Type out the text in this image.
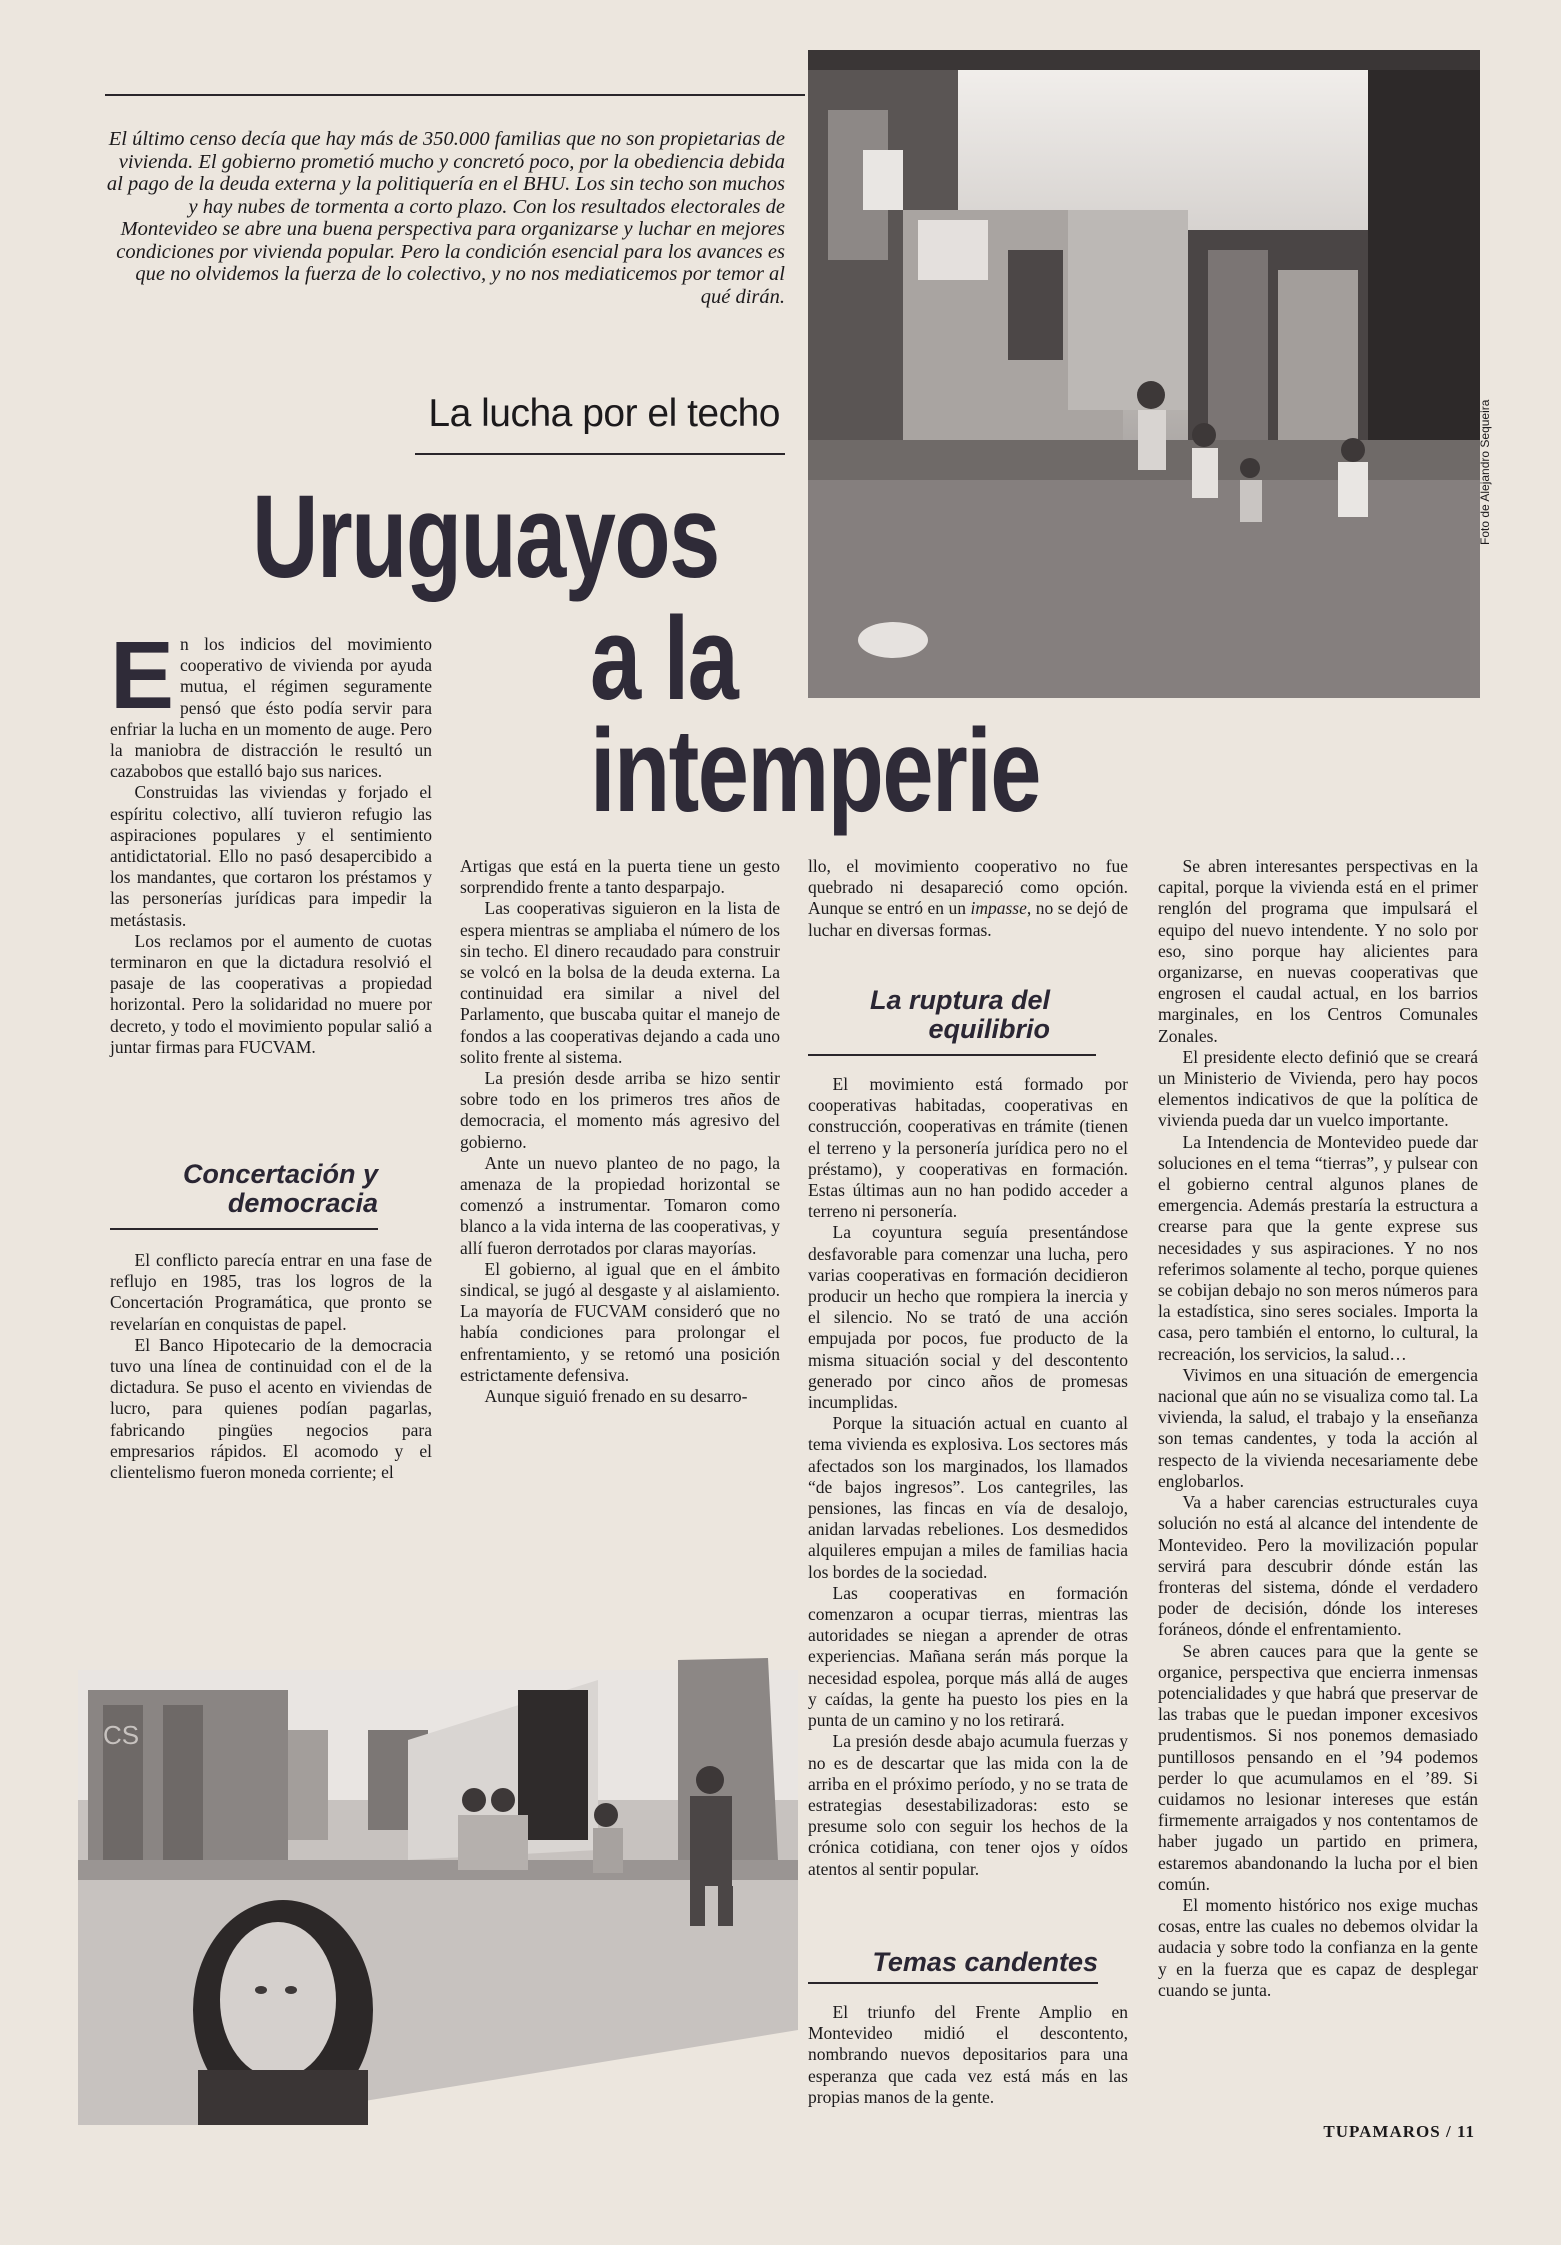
El último censo decía que hay más de 350.000 familias que no son propietarias de vivienda. El gobierno prometió mucho y concretó poco, por la obediencia debida al pago de la deuda externa y la politiquería en el BHU. Los sin techo son muchos y hay nubes de tormenta a corto plazo. Con los resultados electorales de Montevideo se abre una buena perspectiva para organizarse y luchar en mejores condiciones por vivienda popular. Pero la condición esencial para los avances es que no olvidemos la fuerza de lo colectivo, y no nos mediaticemos por temor al qué dirán.
La lucha por el techo
Uruguayos
a la
intemperie
Foto de Alejandro Sequeira

En los indicios del movimiento cooperativo de vivienda por ayuda mutua, el régimen seguramente pensó que ésto podía servir para enfriar la lucha en un momento de auge. Pero la maniobra de distracción le resultó un cazabobos que estalló bajo sus narices.

Construidas las viviendas y forjado el espíritu colectivo, allí tuvieron refugio las aspiraciones populares y el sentimiento antidictatorial. Ello no pasó desapercibido a los mandantes, que cortaron los préstamos y las personerías jurídicas para impedir la metástasis.

Los reclamos por el aumento de cuotas terminaron en que la dictadura resolvió el pasaje de las cooperativas a propiedad horizontal. Pero la solidaridad no muere por decreto, y todo el movimiento popular salió a juntar firmas para FUCVAM.

Concertación y democracia

El conflicto parecía entrar en una fase de reflujo en 1985, tras los logros de la Concertación Programática, que pronto se revelarían en conquistas de papel.

El Banco Hipotecario de la democracia tuvo una línea de continuidad con el de la dictadura. Se puso el acento en viviendas de lucro, para quienes podían pagarlas, fabricando pingües negocios para empresarios rápidos. El acomodo y el clientelismo fueron moneda corriente; el

Artigas que está en la puerta tiene un gesto sorprendido frente a tanto desparpajo.

Las cooperativas siguieron en la lista de espera mientras se ampliaba el número de los sin techo. El dinero recaudado para construir se volcó en la bolsa de la deuda externa. La continuidad era similar a nivel del Parlamento, que buscaba quitar el manejo de fondos a las cooperativas dejando a cada uno solito frente al sistema.

La presión desde arriba se hizo sentir sobre todo en los primeros tres años de democracia, el momento más agresivo del gobierno.

Ante un nuevo planteo de no pago, la amenaza de la propiedad horizontal se comenzó a instrumentar. Tomaron como blanco a la vida interna de las cooperativas, y allí fueron derrotados por claras mayorías.

El gobierno, al igual que en el ámbito sindical, se jugó al desgaste y al aislamiento. La mayoría de FUCVAM consideró que no había condiciones para prolongar el enfrentamiento, y se retomó una posición estrictamente defensiva.

Aunque siguió frenado en su desarro-

llo, el movimiento cooperativo no fue quebrado ni desapareció como opción. Aunque se entró en un impasse, no se dejó de luchar en diversas formas.

La ruptura del equilibrio

El movimiento está formado por cooperativas habitadas, cooperativas en construcción, cooperativas en trámite (tienen el terreno y la personería jurídica pero no el préstamo), y cooperativas en formación. Estas últimas aun no han podido acceder a terreno ni personería.

La coyuntura seguía presentándose desfavorable para comenzar una lucha, pero varias cooperativas en formación decidieron producir un hecho que rompiera la inercia y el silencio. No se trató de una acción empujada por pocos, fue producto de la misma situación social y del descontento generado por cinco años de promesas incumplidas.

Porque la situación actual en cuanto al tema vivienda es explosiva. Los sectores más afectados son los marginados, los llamados “de bajos ingresos”. Los cantegriles, las pensiones, las fincas en vía de desalojo, anidan larvadas rebeliones. Los desmedidos alquileres empujan a miles de familias hacia los bordes de la sociedad.

Las cooperativas en formación comenzaron a ocupar tierras, mientras las autoridades se niegan a aprender de otras experiencias. Mañana serán más porque la necesidad espolea, porque más allá de auges y caídas, la gente ha puesto los pies en la punta de un camino y no los retirará.

La presión desde abajo acumula fuerzas y no es de descartar que las mida con la de arriba en el próximo período, y no se trata de estrategias desestabilizadoras: esto se presume solo con seguir los hechos de la crónica cotidiana, con tener ojos y oídos atentos al sentir popular.

Temas candentes

El triunfo del Frente Amplio en Montevideo midió el descontento, nombrando nuevos depositarios para una esperanza que cada vez está más en las propias manos de la gente.

Se abren interesantes perspectivas en la capital, porque la vivienda está en el primer renglón del programa que impulsará el equipo del nuevo intendente. Y no solo por eso, sino porque hay alicientes para organizarse, en nuevas cooperativas que engrosen el caudal actual, en los barrios marginales, en los Centros Comunales Zonales.

El presidente electo definió que se creará un Ministerio de Vivienda, pero hay pocos elementos indicativos de que la política de vivienda pueda dar un vuelco importante.

La Intendencia de Montevideo puede dar soluciones en el tema “tierras”, y pulsear con el gobierno central algunos planes de emergencia. Además prestaría la estructura a crearse para que la gente exprese sus necesidades y sus aspiraciones. Y no nos referimos solamente al techo, porque quienes se cobijan debajo no son meros números para la estadística, sino seres sociales. Importa la casa, pero también el entorno, lo cultural, la recreación, los servicios, la salud…

Vivimos en una situación de emergencia nacional que aún no se visualiza como tal. La vivienda, la salud, el trabajo y la enseñanza son temas candentes, y toda la acción al respecto de la vivienda necesariamente debe englobarlos.

Va a haber carencias estructurales cuya solución no está al alcance del intendente de Montevideo. Pero la movilización popular servirá para descubrir dónde están las fronteras del sistema, dónde el verdadero poder de decisión, dónde los intereses foráneos, dónde el enfrentamiento.

Se abren cauces para que la gente se organice, perspectiva que encierra inmensas potencialidades y que habrá que preservar de las trabas que le puedan imponer excesivos prudentismos. Si nos ponemos demasiado puntillosos pensando en el ’94 podemos perder lo que acumulamos en el ’89. Si cuidamos no lesionar intereses que están firmemente arraigados y nos contentamos de haber jugado un partido en primera, estaremos abandonando la lucha por el bien común.

El momento histórico nos exige muchas cosas, entre las cuales no debemos olvidar la audacia y sobre todo la confianza en la gente y en la fuerza que es capaz de desplegar cuando se junta.

CS
TUPAMAROS / 11
